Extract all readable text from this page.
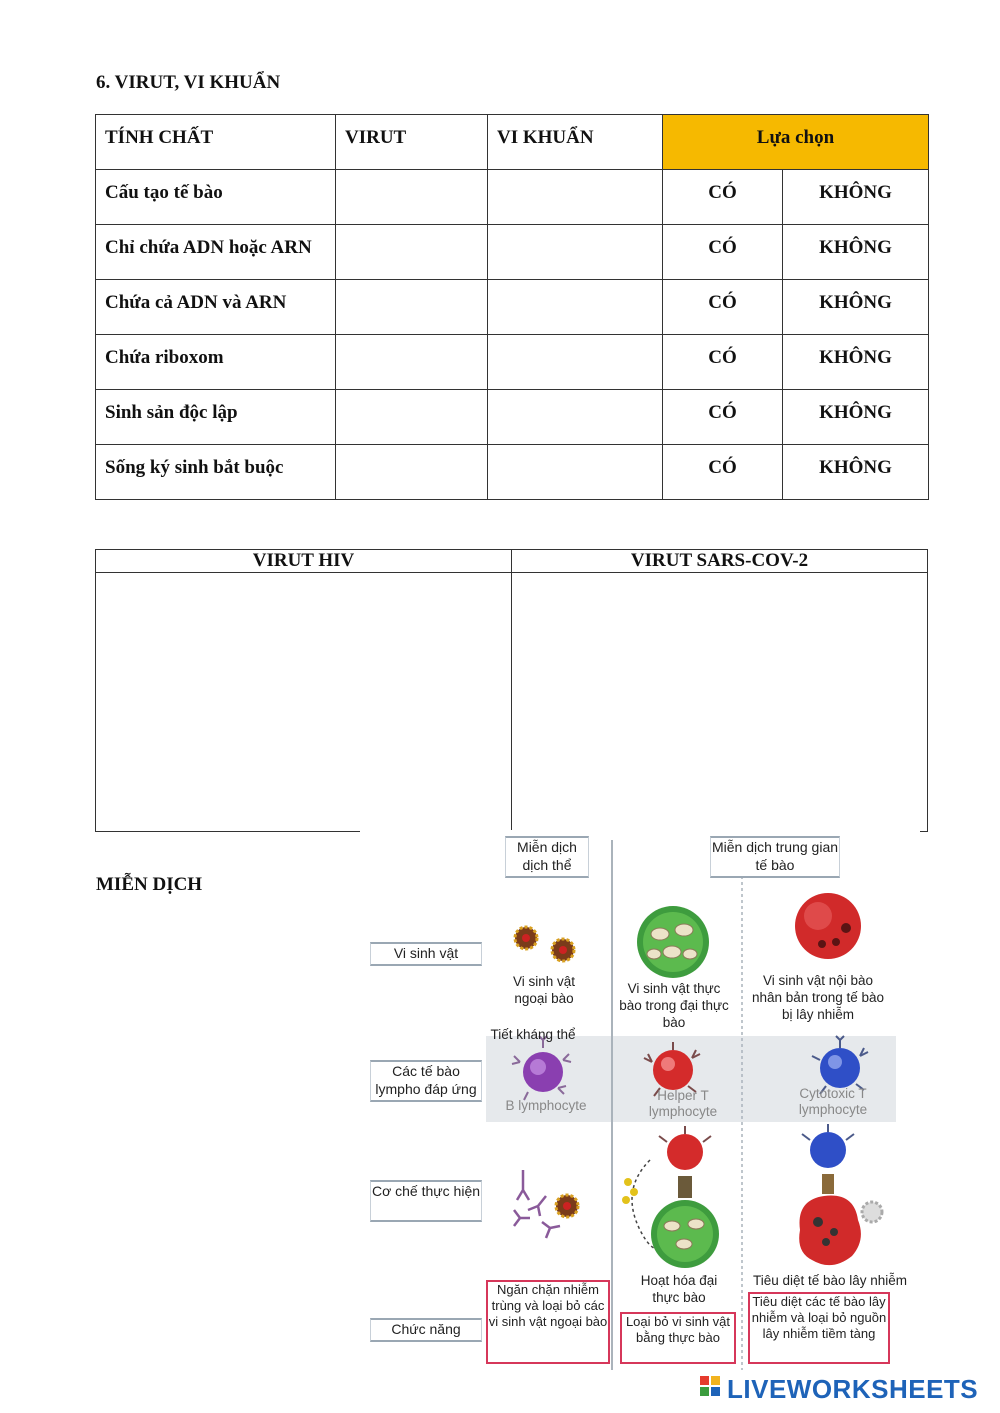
6. VIRUT, VI KHUẨN
TÍNH CHẤT	VIRUT	VI KHUẨN	Lựa chọn	
Cấu tạo tế bào			CÓ	KHÔNG
Chỉ chứa ADN hoặc ARN			CÓ	KHÔNG
Chứa cả ADN và ARN			CÓ	KHÔNG
Chứa riboxom			CÓ	KHÔNG
Sinh sản độc lập			CÓ	KHÔNG
Sống ký sinh bắt buộc			CÓ	KHÔNG
VIRUT HIV	VIRUT SARS-COV-2

MIỄN DỊCH
Miễn dịch dịch thể
Miễn dịch trung gian tế bào
Vi sinh vật
Các tế bào lympho đáp ứng
Cơ chế thực hiện
Chức năng
Vi sinh vật ngoại bào
Vi sinh vật thực bào trong đại thực bào
Vi sinh vật nội bào nhân bản trong tế bào bị lây nhiễm
Tiết kháng thể
B lymphocyte
Helper T lymphocyte
Cytotoxic T lymphocyte
Hoạt hóa đại thực bào
Tiêu diệt tế bào lây nhiễm
Ngăn chặn nhiễm trùng và loại bỏ các vi sinh vật ngoại bào	Loại bỏ vi sinh vật bằng thực bào
Tiêu diệt các tế bào lây nhiễm và loại bỏ nguồn lây nhiễm tiềm tàng
LIVEWORKSHEETS
